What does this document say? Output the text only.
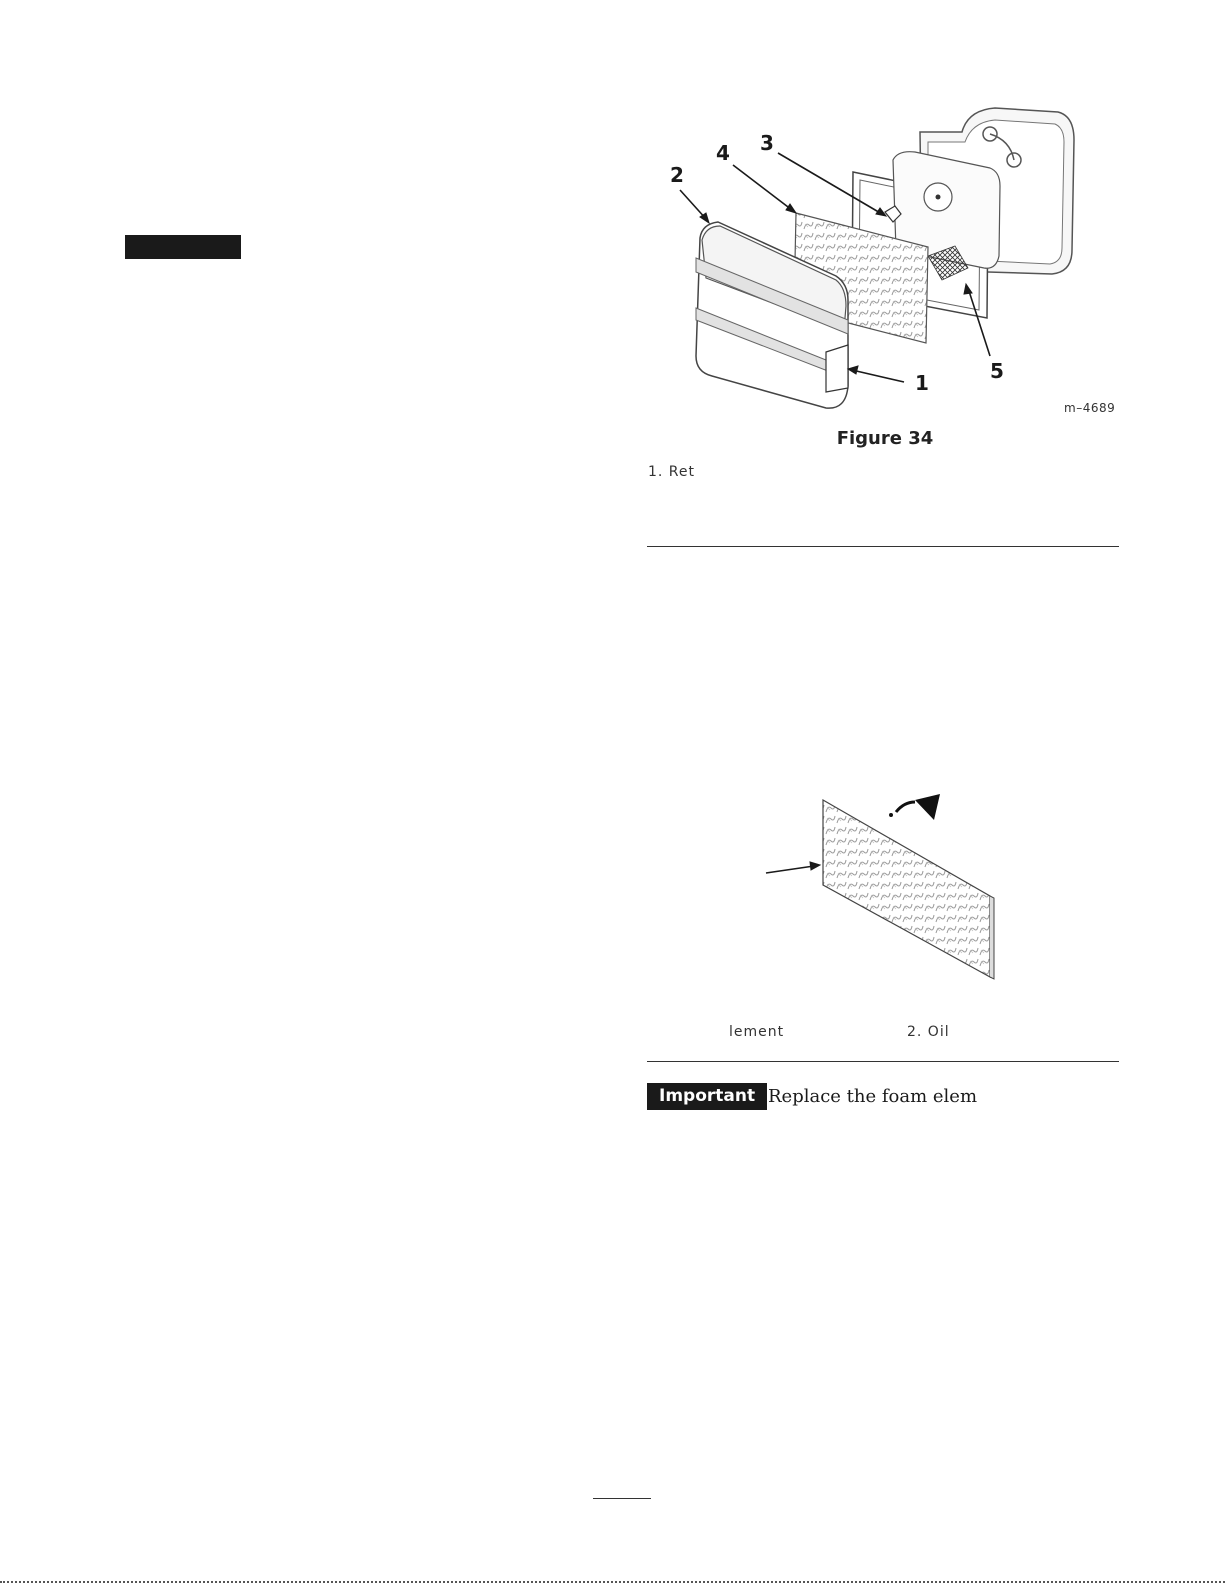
1
2
3
4
5
m–4689
Figure 34
1. Ret
lement	2. Oil
Important Replace the foam elem
